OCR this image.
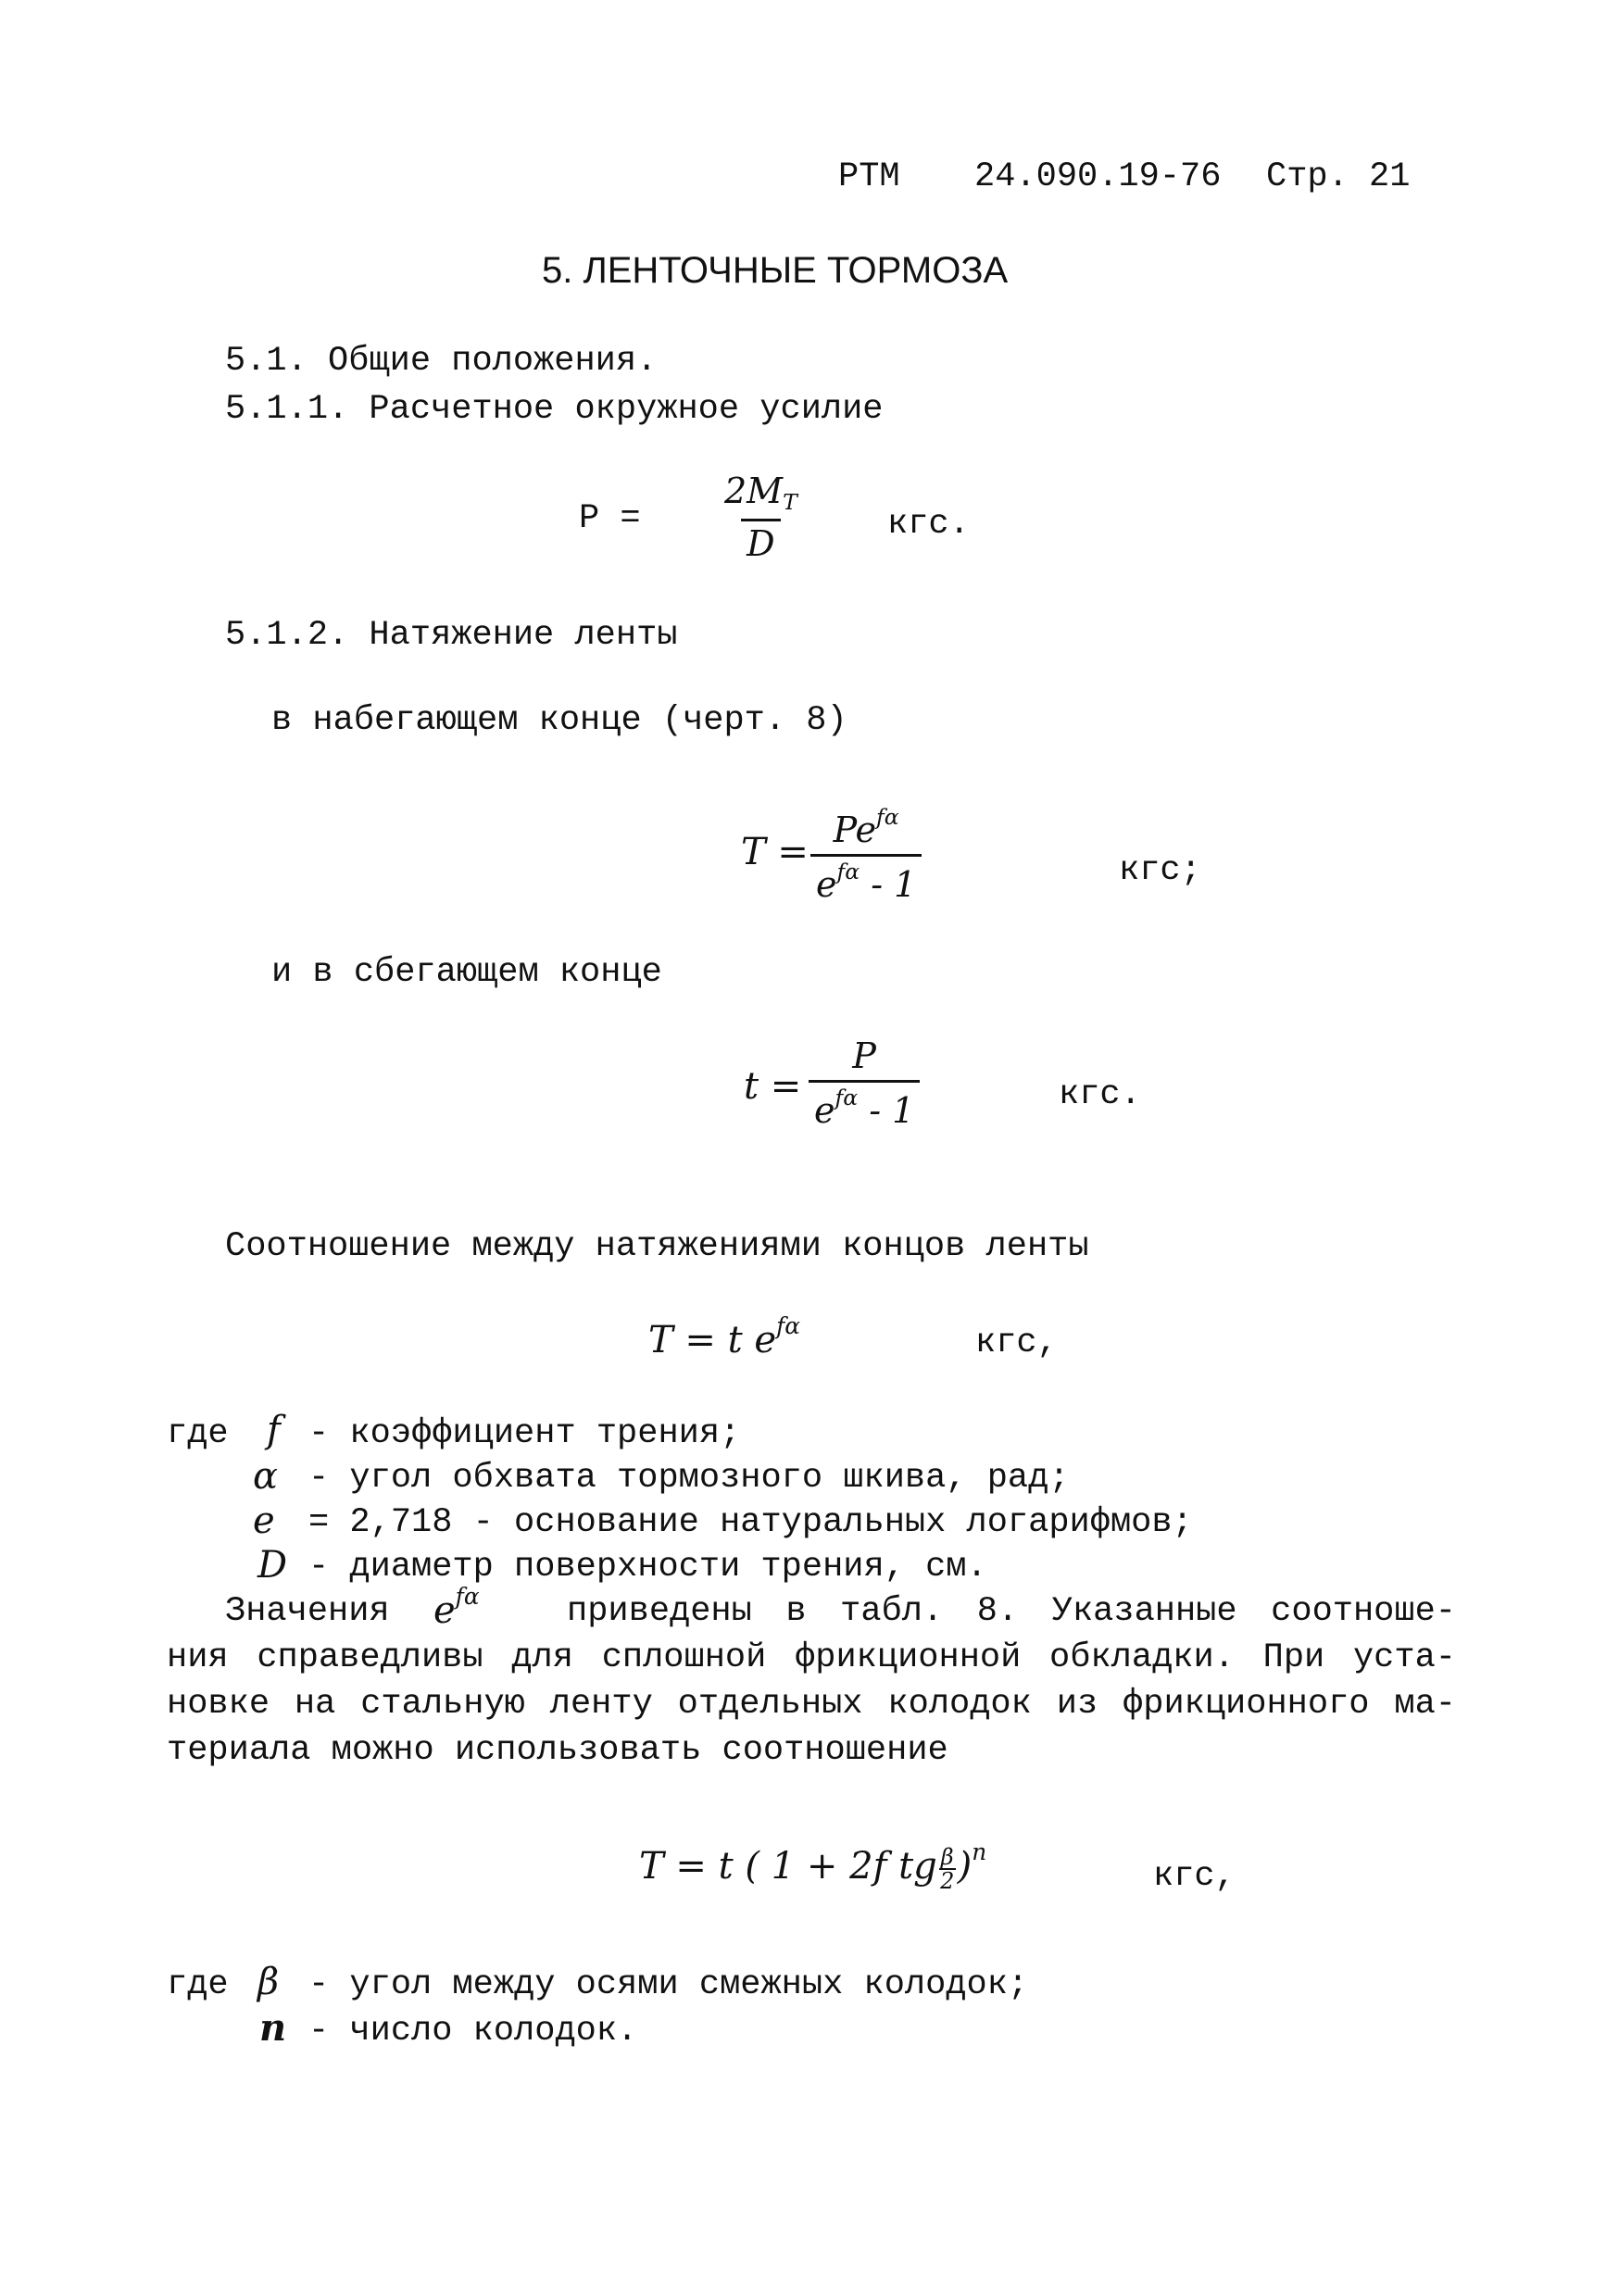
РТМ 24.090.19-76 Стр. 21
5. ЛЕНТОЧНЫЕ ТОРМОЗА
5.1. Общие положения.
5.1.1. Расчетное окружное усилие
$P = \frac{2M_T}{D}$ кгс.
5.1.2. Натяжение ленты
в набегающем конце (черт. 8)
T =
$Pe^{f\alpha}$
$e^{f\alpha} - 1$	кгс;
и в сбегающем конце
t =
P
$e^{f\alpha} - 1$	кгс.
Соотношение между натяжениями концов ленты
T = t $e^{f\alpha}$	кгс,
где f - коэффициент трения;
α - угол обхвата тормозного шкива, рад;
e = 2,718 - основание натуральных логарифмов;
D - диаметр поверхности трения, см.
Значения $e^{f\alpha}$	приведены в табл. 8. Указанные соотноше-
ния справедливы для сплошной фрикционной обкладки. При уста-
новке на стальную ленту отдельных колодок из фрикционного ма-
териала можно использовать соотношение
T = t ( 1 + 2f tg $\frac{\beta}{2} )^n$
кгс,
где β - угол между осями смежных колодок;
n - число колодок.
